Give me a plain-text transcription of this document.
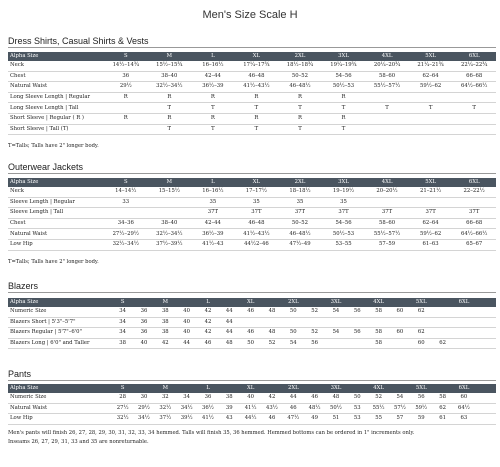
Men's Size Scale H
Dress Shirts, Casual Shirts & Vests
Alpha Size	S	M	L	XL	2XL	3XL	4XL	5XL	6XL
Neck	14½–14¾	15½–15¾	16–16½	17¼–17¾	18½–18¾	19¼–19¾	20¼–20¾	21¼–21¾	22¼–22¾
Chest	36	38–40	42–44	46–48	50–52	54–56	58–60	62–64	66–68
Natural Waist	29½	32½–34½	36½–39	41½–43½	46–48½	50½–53	55½–57½	59½–62	64½–66½
Long Sleeve Length | Regular	R	R	R	R	R	R			
Long Sleeve Length | Tall		T	T	T	T	T	T	T	T
Short Sleeve | Regular ( R )	R	R	R	R	R	R			
Short Sleeve | Tall (T)		T	T	T	T	T			
T=Talls; Talls have 2" longer body.
Outerwear Jackets
Alpha Size	S	M	L	XL	2XL	3XL	4XL	5XL	6XL
Neck	14–14½	15–15½	16–16½	17–17½	18–18½	19–19½	20–20½	21–21½	22–22½
Sleeve Length | Regular	33		35	35	35	35			
Sleeve Length | Tall			37T	37T	37T	37T	37T	37T	37T
Chest	34–36	38–40	42–44	46–48	50–52	54–56	58–60	62–64	66–68
Natural Waist	27½–29½	32½–34½	36½–39	41½–43½	46–48½	50½–53	55½–57½	59½–62	64½–66½
Low Hip	32½–34½	37½–39½	41½–43	44½2–46	47½–49	53–55	57–59	61–63	65–67
T=Talls; Talls have 2" longer body.
Blazers
Alpha Size	S		M		L		XL		2XL		3XL		4XL		5XL		6XL	
Numeric Size	34	36	38	40	42	44	46	48	50	52	54	56	58	60	62			
Blazers Short | 5'3"–5'7"	34	36	38	40	42	44												
Blazers Regular | 5'7"–6'0"	34	36	38	40	42	44	46	48	50	52	54	56	58	60	62			
Blazers Long | 6'0" and Taller	38	40	42	44	46	48	50	52	54	56			58		60	62		
Pants
Alpha Size	S		M		L		XL		2XL		3XL		4XL		5XL		6XL	
Numeric Size	28	30	32	34	36	38	40	42	44	46	48	50	52	54	56	58	60	
Natural Waist	27½	29½	32½	34½	36½	39	41½	43½	46	48½	50½	53	55½	57½	59½	62	64½	
Low Hip	32½	34½	37½	39½	41½	43	44½	46	47½	49	51	53	55	57	59	61	63	
Men's pants will finish 26, 27, 28, 29, 30, 31, 32, 33, 34 hemmed. Talls will finish 35, 36 hemmed. Hemmed bottoms can be ordered in 1" increments only.
Inseams 26, 27, 29, 31, 33 and 35 are nonreturnable.
